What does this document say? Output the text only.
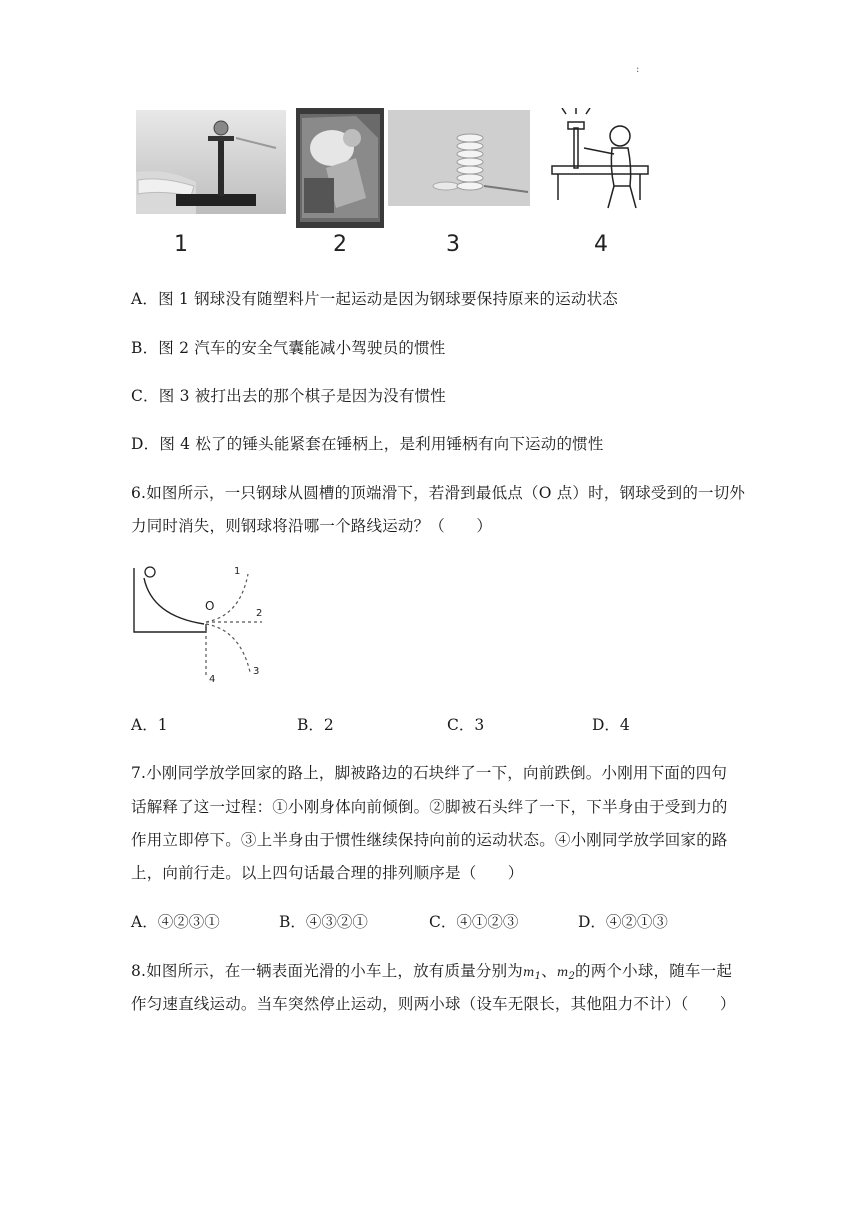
:
1	2	3	4
A．图 1 钢球没有随塑料片一起运动是因为钢球要保持原来的运动状态
B．图 2 汽车的安全气囊能减小驾驶员的惯性
C．图 3 被打出去的那个棋子是因为没有惯性
D．图 4 松了的锤头能紧套在锤柄上，是利用锤柄有向下运动的惯性
6.如图所示，一只钢球从圆槽的顶端滑下，若滑到最低点（O 点）时，钢球受到的一切外
力同时消失，则钢球将沿哪一个路线运动？（　　）
O
1
2
3
4
A．1	B．2	C．3	D．4
7.小刚同学放学回家的路上，脚被路边的石块绊了一下，向前跌倒。小刚用下面的四句
话解释了这一过程：①小刚身体向前倾倒。②脚被石头绊了一下，下半身由于受到力的
作用立即停下。③上半身由于惯性继续保持向前的运动状态。④小刚同学放学回家的路
上，向前行走。以上四句话最合理的排列顺序是（　　）
A．④②③①	B．④③②①	C．④①②③	D．④②①③
8.如图所示，在一辆表面光滑的小车上，放有质量分别为$m_1$、$m_2$的两个小球，随车一起
作匀速直线运动。当车突然停止运动，则两小球（设车无限长，其他阻力不计）（　　）
